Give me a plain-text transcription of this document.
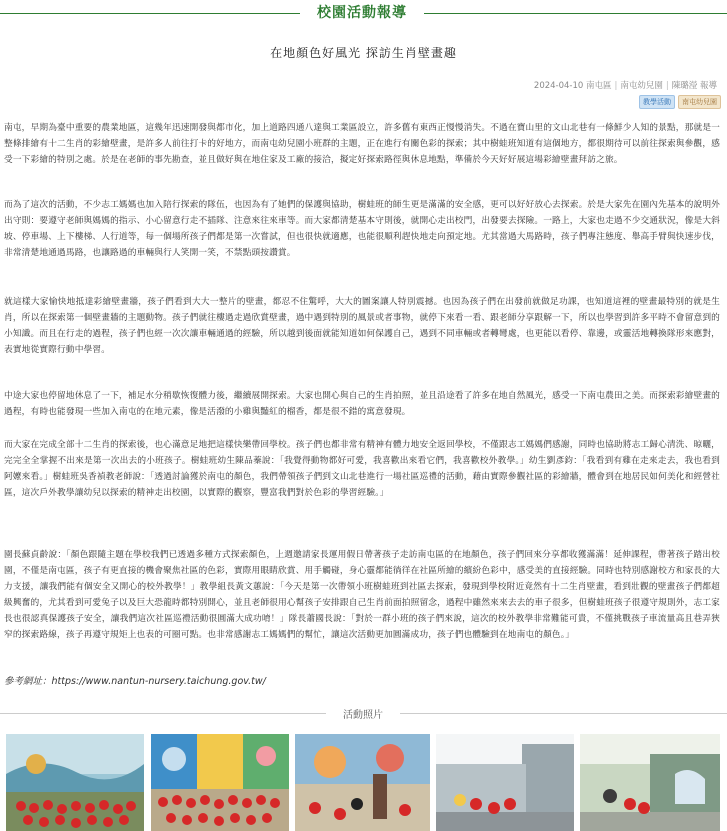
校園活動報導
在地顏色好風光 探訪生肖壁畫趣
2024-04-10 南屯區 | 南屯幼兒園 | 陳璐瀅 報導
教學活動	南屯幼兒園
南屯，早期為臺中重要的農業地區，這幾年迅速開發與都市化，加上道路四通八達與工業區設立，許多舊有東西正慢慢消失。不過在寶山里的文山北巷有一條鮮少人知的景點，那就是一整條排繪有十二生肖的彩繪壁畫，是許多人前往打卡的好地方，而南屯幼兒園小班群的主題，正在進行有關色彩的探索；其中樹蛙班知道有這個地方，都很期待可以前往探索與參觀，感受一下彩繪的特別之處。於是在老師的事先勘查，並且做好與在地住家及工廠的接洽，擬定好探索路徑與休息地點，準備於今天好好展這場彩繪壁畫拜訪之旅。
而為了這次的活動，不少志工媽媽也加入陪行探索的隊伍，也因為有了她們的保護與協助，樹蛙班的師生更是滿滿的安全感，更可以好好放心去探索。於是大家先在園內先基本的說明外出守則：要遵守老師與媽媽的指示、小心留意行走不插隊、注意來往來車等。而大家都清楚基本守則後，就開心走出校門，出發要去探險。一路上，大家也走過不少交通狀況，像是大斜坡、停車場、上下樓梯、人行道等，每一個場所孩子們都是第一次嘗試，但也很快就適應，也能很順利趕快地走向預定地。尤其當過大馬路時，孩子們專注態度、舉高手臂與快速步伐，非常清楚地通過馬路，也讓路過的車輛與行人笑開一笑，不禁點頭按讚賞。
就這樣大家愉快地抵達彩繪壁畫牆，孩子們看到大大一整片的壁畫，都忍不住驚呼，大大的圖案讓人特別震撼。也因為孩子們在出發前就做足功課，也知道這裡的壁畫最特別的就是生肖，所以在探索第一個壁畫牆的主題動物。孩子們就往樓過走過欣賞壁畫，過中遇到特別的風景或者事物，就停下來看一看、跟老師分享跟解一下，所以也學習到許多平時不會留意到的小知識。而且在行走的過程，孩子們也經一次次讓車輛通過的經驗，所以越到後面就能知道如何保護自己，遇到不同車輛或者轉彎處，也更能以看停、靠邊，或靈活地轉換隊形來應對，表實地從實際行動中學習。
中途大家也停留地休息了一下，補足水分稍歇恢復體力後，繼續展開探索。大家也開心與自己的生肖拍照，並且沿途看了許多在地自然風光，感受一下南屯農田之美。而探索彩繪壁畫的過程，有時也能發現一些加入南屯的在地元素，像是活潑的小雞與豔紅的榴香，都是很不錯的寓意發現。
而大家在完成全部十二生肖的探索後，也心滿意足地把這樣快樂帶回學校。孩子們也都非常有精神有體力地安全返回學校，不僅跟志工媽媽們感謝，同時也協助將志工歸心清洗、晾曬，完完全全掌握不出來是第一次出去的小班孩子。樹蛙班幼生陳品蓁說：「我覺得動物都好可愛，我喜歡出來看它們，我喜歡校外教學。」幼生劉彥鈞：「我看到有雞在走來走去，我也看到阿嬤來看。」樹蛙班吳香禎教老師說：「透過討論獲於南屯的顏色，我們帶領孩子們到文山北巷進行一場社區巡禮的活動，藉由實際參觀社區的彩繪牆，體會到在地居民如何美化和經營社區，這次戶外教學讓幼兒以探索的精神走出校園，以實際的觀察，豐富我們對於色彩的學習經驗。」
園長蘇貞齡說：「顏色跟隨主題在學校我們已透過多種方式探索顏色，上週邀請家長運用假日帶著孩子走訪南屯區的在地顏色，孩子們回來分享都收獲滿滿！延伸課程，帶著孩子踏出校園，不僅是南屯區，孩子有更直接的機會聚焦社區的色彩，實際用眼睛欣賞、用手觸碰，身心靈都能徜徉在社區所繪的繽紛色彩中，感受美的直接經驗。同時也特別感謝校方和家長的大力支援，讓我們能有個安全又開心的校外教學！」教學組長黃文蕙說：「今天是第一次帶領小班樹蛙班到社區去探索，發現到學校附近竟然有十二生肖壁畫，看到壯觀的壁畫孩子們都超級興奮的，尤其看到可愛兔子以及巨大恐龍時都特別開心，並且老師很用心幫孩子安排跟自己生肖前面拍照留念，過程中雖然來來去去的車子很多，但樹蛙班孩子很遵守規則外，志工家長也很認真保護孩子安全，讓我們這次社區巡禮活動很圓滿大成功唷！」隊長蕭國長說：「對於一群小班的孩子們來說，這次的校外教學非常難能可貴，不僅挑戰孩子車流量高且巷弄狹窄的探索路線，孩子再遵守規矩上也表的可圈可點。也非常感謝志工媽媽們的幫忙，讓這次活動更加圓滿成功，孩子們也體驗到在地南屯的顏色。」
參考網址：https://www.nantun-nursery.taichung.gov.tw/
活動照片
